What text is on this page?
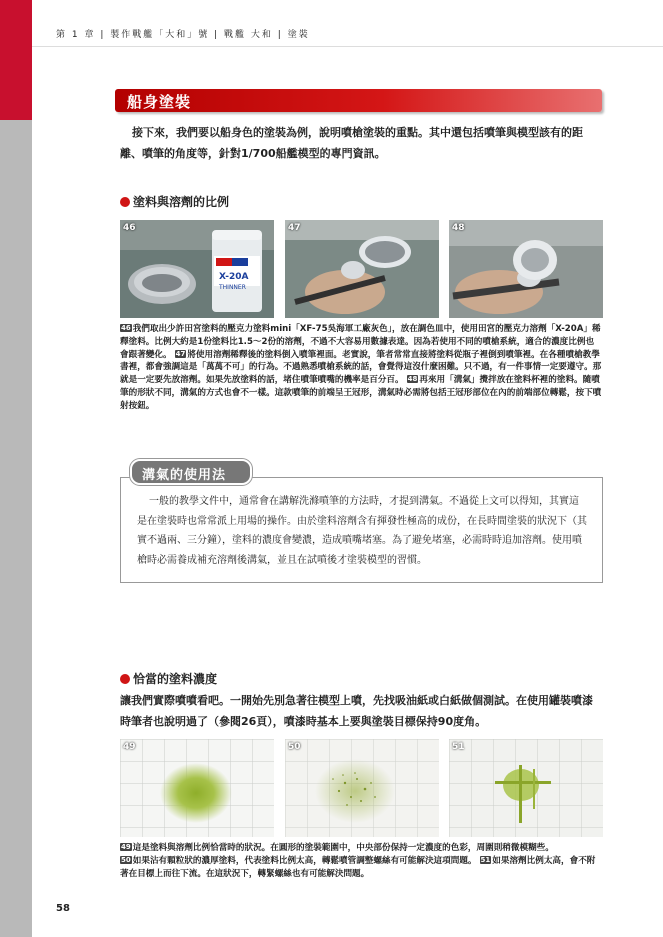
第 1 章 | 製作戰艦「大和」號 | 戰艦 大和 | 塗裝
船身塗裝
接下來，我們要以船身色的塗裝為例，說明噴槍塗裝的重點。其中還包括噴筆與模型該有的距離、噴筆的角度等，針對1/700船艦模型的專門資訊。
塗料與溶劑的比例
X-20A
THINNER
46	47	48
46 我們取出少許田宮塗料的壓克力塗料mini「XF-75吳海軍工廠灰色」，放在調色皿中，使用田宮的壓克力溶劑「X-20A」稀釋塗料。比例大約是1份塗料比1.5～2份的溶劑，不過不大容易用數據表達。因為若使用不同的噴槍系統，適合的濃度比例也會跟著變化。 47 將使用溶劑稀釋後的塗料倒入噴筆裡面。老實說，筆者常常直接將塗料從瓶子裡倒到噴筆裡。在各種噴槍教學書裡，都會強調這是「萬萬不可」的行為。不過熟悉噴槍系統的話，會覺得這沒什麼困難。只不過，有一件事情一定要遵守。那就是一定要先放溶劑。如果先放塗料的話，堵住噴筆噴嘴的機率是百分百。 48 再來用「溝氣」攪拌放在塗料杯裡的塗料。隨噴筆的形狀不同，溝氣的方式也會不一樣。這款噴筆的前端呈王冠形，溝氣時必需將包括王冠形部位在內的前端部位轉鬆，按下噴射按鈕。
溝氣的使用法
一般的教學文件中，通常會在講解洗滌噴筆的方法時，才提到溝氣。不過從上文可以得知，其實這是在塗裝時也常常派上用場的操作。由於塗料溶劑含有揮發性極高的成份，在長時間塗裝的狀況下（其實不過兩、三分鐘），塗料的濃度會變濃，造成噴嘴堵塞。為了避免堵塞，必需時時追加溶劑。使用噴槍時必需養成補充溶劑後溝氣，並且在試噴後才塗裝模型的習慣。
恰當的塗料濃度
讓我們實際噴噴看吧。一開始先別急著往模型上噴，先找吸油紙或白紙做個測試。在使用罐裝噴漆時筆者也說明過了（參閱26頁），噴漆時基本上要與塗裝目標保持90度角。
49	50	51
49 這是塗料與溶劑比例恰當時的狀況。在圓形的塗裝範圍中，中央部份保持一定濃度的色彩，周圍則稍微模糊些。
50 如果沾有顆粒狀的濃厚塗料，代表塗料比例太高，轉鬆噴管調整螺絲有可能解決這項問題。 51 如果溶劑比例太高，會不附著在目標上而往下流。在這狀況下，轉緊螺絲也有可能解決問題。
58
